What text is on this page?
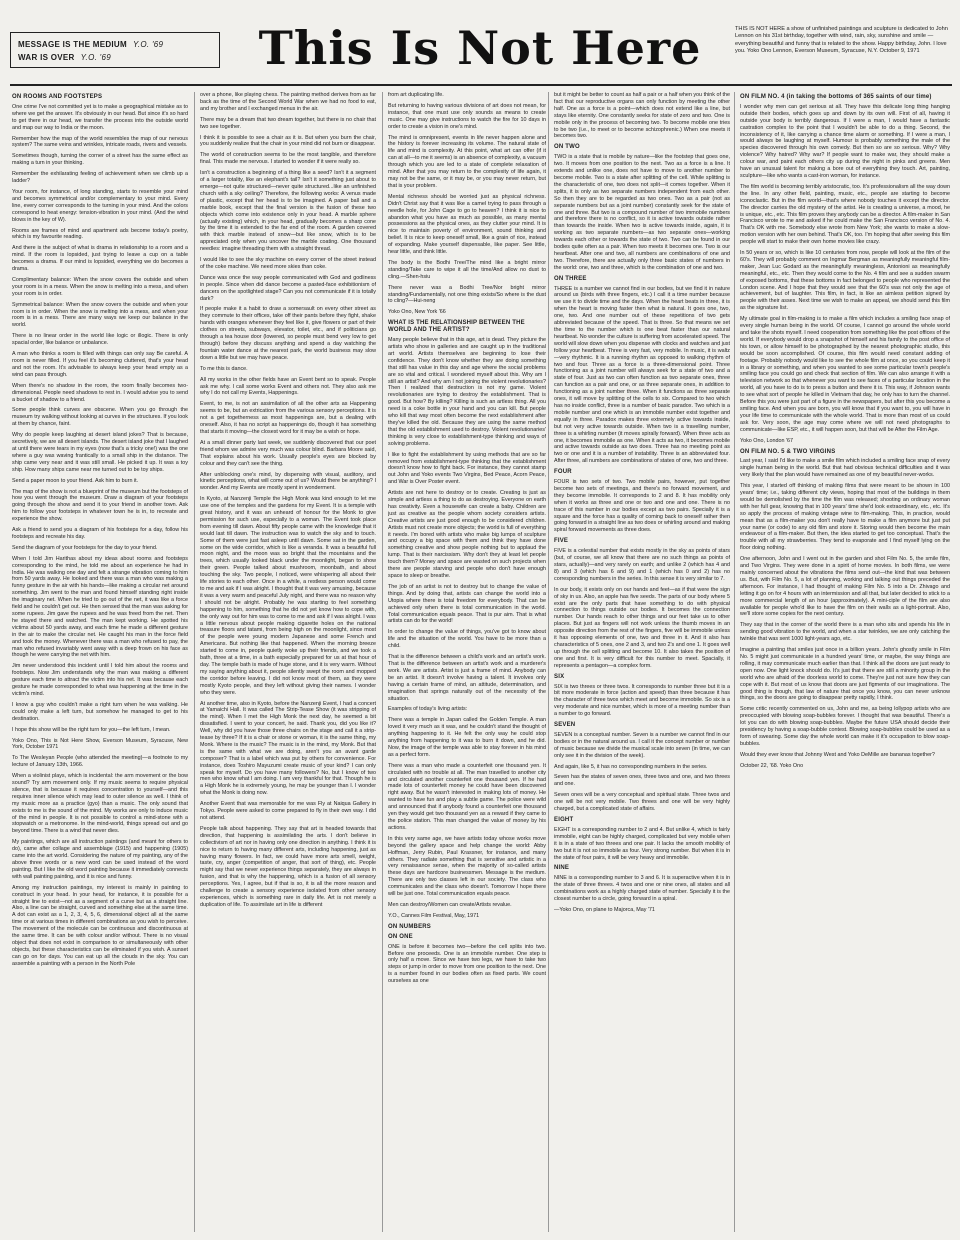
MESSAGE IS THE MEDIUM Y.O. '69
WAR IS OVER Y.O. '69	This Is Not Here	THIS IS NOT HERE a show of unfinished paintings and sculpture is dedicated to John Lennon on his 31st birthday, together with wind, rain, sky, sunshine and smile — everything beautiful and funny that is related to the show. Happy birthday, John. I love you. Yoko Ono Lennon, Everson Museum, Syracuse, N.Y. October 9, 1971
ON ROOMS AND FOOTSTEPS
One crime I've not committed yet is to make a geographical mistake as to where we get the answer. It's obviously in our head. But since it's so hard to get there in our head, we transfer the process into the outside world and map our way to India or the moon.
Remember how the map of the world resembles the map of our nervous system? The same veins and wrinkles, intricate roads, rivers and vessels.
Sometimes though, turning the corner of a street has the same effect as making a turn in your thinking.
Remember the exhilarating feeling of achievement when we climb up a ladder?
Your room, for instance, of long standing, starts to resemble your mind and becomes symmetrical and/or complementary to your mind. Every line, every corner corresponds to the turning in your mind. And the colors correspond to heat energy: tension-vibration in your mind. (And the wind blows in the key of W).
Rooms are frames of mind and apartment ads become today's poetry, which is my favourite reading.
And there is the subject of what is drama in relationship to a room and a mind. If the room is lopsided, just trying to leave a cup on a table becomes a drama. If our mind is lopsided, everything we do becomes a drama.
Complimentary balance: When the snow covers the outside and when your room is in a mess. When the snow is melting into a mess, and when your room is in order.
Symmetrical balance: When the snow covers the outside and when your room is in order. When the snow is melting into a mess, and when your room is in a mess. There are many ways we keep our balance in the world.
There is no linear order in the world like logic or illogic. There is only spacial order, like balance or unbalance.
A man who thinks a room is filled with things can only say Be careful. A room is never filled. If you feel it's becoming cluttered, that's your head and not the room. It's advisable to always keep your head empty as a wind can pass through.
When there's no shadow in the room, the room finally becomes two-dimensional. People need shadows to rest in. I would advise you to send a bucket of shadow to a friend.
Some people think curves are obscene. When you go through the museum try walking without looking at curves in the structures. If you look at them by chance, faint.
Why do people keep laughing at desert island jokes? That is because, secretively, we are all desert islands. The desert island joke that I laughed at until there were tears in my eyes (now that's a tricky one!) was the one where a guy was waving frantically to a small ship in the distance. The ship came very near and it was still small. He picked it up. It was a toy ship. How many ships came near me turned out to be toy ships.
Send a paper moon to your friend. Ask him to burn it.
The map of the show is not a blueprint of the museum but the footsteps of how you went through the museum. Draw a diagram of your footsteps going through the show and send it to your friend in another town. Ask him to follow your footsteps in whatever town he is in, to recreate and experience the show.
Ask a friend to send you a diagram of his footsteps for a day, follow his footsteps and recreate his day.
Send the diagram of your footsteps for the day to your friend.
When I told Jim Harithas about my ideas about rooms and footsteps corresponding to the mind, he told me about an experience he had in India. He was walking one day and felt a strange vibration coming to him from 50 yards away. He looked and there was a man who was making a funny gesture in the air with his hands—like making a circular net around something. Jim went to the man and found himself standing right inside the imaginary net. When he tried to go out of the net, it was like a force field and he couldn't get out. He then sensed that the man was asking for some rupees. Jim gave the rupees and he was freed from the net. Then he stayed there and watched. The man kept working. He spotted his victims about 50 yards away, and each time he made a different gesture in the air to make the circular net. He caught his man in the force field and took the money. Whenever there was a man who refused to pay, the man who refused invariably went away with a deep frown on his face as though he were carrying the net with him.
Jim never understood this incident until I told him about the rooms and footsteps. Now Jim understands why the man was making a different gesture each time to attract the victim into his net. It was because each gesture he made corresponded to what was happening at the time in the victim's mind.
I know a guy who couldn't make a right turn when he was walking. He could only make a left turn, but somehow he managed to get to his destination.
I hope this show will be the right turn for you—the left turn, I mean.
Yoko Ono, This is Not Here Show, Everson Museum, Syracuse, New York, October 1971
To The Wesleyan People (who attended the meeting)—a footnote to my lecture of January 13th, 1966.
When a violinist plays, which is incidental: the arm movement or the bow sound? Try arm movement only. If my music seems to require physical silence, that is because it requires concentration to yourself—and this requires inner silence which may lead to outer silence as well. I think of my music more as a practice (gyo) than a music. The only sound that exists to me is the sound of the mind. My works are only to induce music of the mind in people. It is not possible to control a mind-stone with a stopwatch or a metronome. In the mind-world, things spread out and go beyond time. There is a wind that never dies.
My paintings, which are all instruction paintings (and meant for others to do), came after collage and assemblage (1915) and happening (1905) came into the art world. Considering the nature of my painting, any of the above three words or a new word can be used instead of the word painting. But I like the old word painting because it immediately connects with wall painting painting, and it is nice and funny.
Among my instruction paintings, my interest is mainly in painting to construct in your head. In your head, for instance, it is possible for a straight line to exist—not as a segment of a curve but as a straight line. Also, a line can be straight, curved and something else at the same time. A dot can exist as a 1, 2, 3, 4, 5, 6, dimensional object all at the same time or at various times in different combinations as you wish to perceive. The movement of the molecule can be continuous and discontinuous at the same time. It can be with colour and/or without. There is no visual object that does not exist in comparison to or simultaneously with other objects, but these characteristics can be eliminated if you wish. A sunset can go on for days. You can eat up all the clouds in the sky. You can assemble a painting with a person in the North Pole
over a phone, like playing chess. The painting method derives from as far back as the time of the Second World War when we had no food to eat, and my brother and I exchanged menus in the air.
There may be a dream that two dream together, but there is no chair that two see together.
I think it is possible to see a chair as it is. But when you burn the chair, you suddenly realize that the chair in your mind did not burn or disappear.
The world of construction seems to be the most tangible, and therefore final. This made me nervous. I started to wonder if it were really so.
Isn't a construction a beginning of a thing like a seed? Isn't it a segment of a larger totality, like an elephant's tail? Isn't it something just about to emerge—not quite structured—never quite structured...like an unfinished church with a sky ceiling? Therefore, the following works: A venus made of plastic, except that her head is to be imagined. A paper ball and a marble book, except that the final version is the fusion of these two objects which come into existence only in your head. A marble sphere (actually existing) which, in your head, gradually becomes a sharp cone by the time it is extended to the far end of the room. A garden covered with thick marble instead of snow—but like snow, which is to be appreciated only when you uncover the marble coating. One thousand needles: imagine threading them with a straight thread.
I would like to see the sky machine on every corner of the street instead of the coke machine. We need more skies than coke.
Dance was once the way people communicated with God and godliness in people. Since when did dance become a pasted-face exhibitionism of dancers on the spotlighted stage? Can you not communicate if it is totally dark?
If people make it a habit to draw a somersault on every other street as they commute to their offices, take off their pants before they fight, shake hands with oranges whenever they feel like it, give flowers or part of their clothes on streets, subways, elevator, toilet, etc., and if politicians go through a tea house door (lowered, so people must bend very low to get through) before they discuss anything and spend a day watching the fountain water dance at the nearest park, the world business may slow down a little but we may have peace.
To me this is dance.
All my works in the other fields have an Event bent so to speak. People ask me why. I call some works Event and others not. They also ask me why I do not call my Events, Happenings.
Event, to me, is not an assimilation of all the other arts as Happening seems to be, but an extrication from the various sensory perceptions. It is not a get togetherness as most happenings are, but a dealing with oneself. Also, it has no script as happenings do, though it has something that starts it moving—the closest word for it may be a wish or hope.
At a small dinner party last week, we suddenly discovered that our poet friend whom we admire very much was colour blind. Barbara Moore said, That explains about his work. Usually people's eyes are blocked by colour and they can't see the thing.
After unblocking one's mind, by dispensing with visual, auditory, and kinetic perceptions, what will come out of us? Would there be anything? I wonder. And my Events are mostly spent in wonderment.
In Kyoto, at Nanzenji Temple the High Monk was kind enough to let me use one of the temples and the gardens for my Event. It is a temple with great history, and it was an unheard of honour for the Monk to give permission for such use, especially to a woman. The Event took place from evening till dawn. About fifty people came with the knowledge that it would last till dawn. The instruction was to watch the sky and to touch. Some of them were just fast asleep until dawn. Some sat in the garden, some on the wide corridor, which is like a veranda. It was a beautiful full moon night, and the moon was so bright that the mountains and the trees, which usually looked black under the moonlight, began to show their green. People talked about mushroom, moonbath, and about touching the sky. Two people, I noticed, were whispering all about their life stories to each other. Once in a while, a restless person would come to me and ask if I was alright. I thought that it was very amusing, because it was a very warm and peaceful July night, and there was no reason why I should not be alright. Probably he was starting to feel something happening to him, something that he did not yet know how to cope with, the only way out for him was to come to me and ask if I was alright. I was a little nervous about people making cigarette holes on the national treasure floors and tatami, from being high on the moonlight, since most of the people were young modern Japanese and some French and Americans. But nothing like that happened. When the morning breeze started to come in, people quietly woke up their friends, and we took a bath, three at a time, in a bath especially prepared for us at that hour of day. The temple bath is made of huge stone, and it is very warm. Without my saying anything about it, people silently swept the room and mopped the corridor before leaving. I did not know most of them, as they were mostly Kyoto people, and they left without giving their names. I wonder who they were.
At another time, also in Kyoto, before the Nanzenji Event, I had a concert at Yamaichi Hall. It was called The Strip-Tease Show (it was stripping of the mind). When I met the High Monk the next day, he seemed a bit dissatisfied. I went to your concert, he said. Thank you, did you like it? Well, why did you have those three chairs on the stage and call it a strip-tease by three? If it is a chair or stone or woman, it is the same thing, my Monk. Where is the music? The music is in the mind, my Monk. But that is the same with what we are doing, aren't you an avant garde composer? That is a label which was put by others for convenience. For instance, does Toshiro Mayuzumi create music of your kind? I can only speak for myself. Do you have many followers? No, but I know of two men who know what I am doing. I am very thankful for that. Though he is a High Monk he is extremely young, he may be younger than I. I wonder what the Monk is doing now.
Another Event that was memorable for me was Fly at Naiqua Gallery in Tokyo. People were asked to come prepared to fly in their own way. I did not attend.
People talk about happening. They say that art is headed towards that direction, that happening is assimilating the arts. I don't believe in collectivism of art nor in having only one direction in anything. I think it is nice to return to having many different arts, including happening, just as having many flowers. In fact, we could have more arts smell, weight, taste, cry, anger (competition of anger, that sort of thing), etc. People might say that we never experience things separately, they are always in fusion, and that is why the happening, which is a fusion of all sensory perceptions. Yes, I agree, but if that is so, it is all the more reason and challenge to create a sensory experience isolated from other sensory experiences, which is something rare in daily life. Art is not merely a duplication of life. To assimilate art in life is different
from art duplicating life.
But returning to having various divisions of art does not mean, for instance, that one must use only sounds as means to create music. One may give instructions to watch the fire for 10 days in order to create a vision in one's mind.
The mind is omnipresent, events in life never happen alone and the history is forever increasing its volume. The natural state of life and mind is complexity. At this point, what art can offer (if it can at all—to me it seems) is an absence of complexity, a vacuum through which you are led to a state of complete relaxation of mind. After that you may return to the complexity of life again, it may not be the same, or it may be, or you may never return, but that is your problem.
Mental richness should be worried just as physical richness. Didn't Christ say that it was like a camel trying to pass through a needle hole, for John Cage to go to heaven? I think it is nice to abandon what you have as much as possible, as many mental possessions as the physical ones, as they clutter your mind. It is nice to maintain poverty of environment, sound thinking and belief. It is nice to keep oneself small, like a grain of rice, instead of expanding. Make yourself dispensable, like paper. See little, hear little, and think little.
The body is the Bodhi Tree/The mind like a bright mirror standing/Take care to wipe it all the time/And allow no dust to cling.—Shen-hsiu
There never was a Bodhi Tree/Nor bright mirror standing/Fundamentally, not one thing exists/So where is the dust to cling?—Hui-neng
Yoko Ono, New York '66
WHAT IS THE RELATIONSHIP BETWEEN THE WORLD AND THE ARTIST?
Many people believe that in this age, art is dead. They picture the artists who show in galleries and are caught up in the traditional art world. Artists themselves are beginning to lose their confidence. They don't know whether they are doing something that still has value in this day and age where the social problems are so vital and critical. I wondered myself about this. Why am I still an artist? And why am I not joining the violent revolutionaries? Then I realized that destruction is not my game. Violent revolutionaries are trying to destroy the establishment. That is good. But how? By killing? Killing is such an artless thing. All you need is a coke bottle in your hand and you can kill. But people who kill that way most often become the next establishment after they've killed the old. Because they are using the same method that the old establishment used to destroy. Violent revolutionaries' thinking is very close to establishment-type thinking and ways of solving problems.
I like to fight the establishment by using methods that are so far removed from establishment-type thinking that the establishment doesn't know how to fight back. For instance, they cannot stamp out John and Yoko events Two Virgins, Bed Peace, Acorn Peace, and War is Over Poster event.
Artists are not here to destroy or to create. Creating is just as simple and artless a thing to do as destroying. Everyone on earth has creativity. Even a housewife can create a baby. Children are just as creative as the people whom society considers artists. Creative artists are just good enough to be considered children. Artists must not create more objects; the world is full of everything it needs. I'm bored with artists who make big lumps of sculpture and occupy a big space with them and think they have done something creative and show people nothing but to applaud the lump. That is their narcissism. Why don't they at least let people touch them? Money and space are wasted on such projects when there are people starving and people who don't have enough space to sleep or breathe.
The job of an artist is not to destroy but to change the value of things. And by doing that, artists can change the world into a Utopia where there is total freedom for everybody. That can be achieved only when there is total communication in the world. Total communication equals peace. That is pur aim. That is what artists can do for the world!
In order to change the value of things, you've got to know about life and the situation of the world. You have to be more than a child.
That is the difference between a child's work and an artist's work. That is the difference between an artist's work and a murderer's work. We are artists. Artist is just a frame of mind. Anybody can be an artist. It doesn't involve having a talent. It involves only having a certain frame of mind, an attitude, determination, and imagination that springs naturally out of the necessity of the situation.
Examples of today's living artists:
There was a temple in Japan called the Golden Temple. A man loved it very much as it was, and he couldn't stand the thought of anything happening to it. He felt the only way he could stop anything from happening to it was to burn it down, and he did. Now, the image of the temple was able to stay forever in his mind as a perfect form.
There was a man who made a counterfeit one thousand yen. It circulated with no trouble at all. The man travelled to another city and circulated another counterfeit one thousand yen. If he had made lots of counterfeit money he could have been discovered right away. But he wasn't interested in making lots of money. He wanted to have fun and play a subtle game. The police were wild and announced that if anybody found a counterfeit one thousand yen they would get two thousand yen as a reward if they came to the police station. This man changed the value of money by his actions.
In this very same age, we have artists today whose works move beyond the gallery space and help change the world: Abby Hoffman, Jerry Rubin, Paul Krassner, for instance, and many others. They radiate something that is sensitive and artistic in a very renaissance sense, when the majority of so-called artists these days are hardcore businessmen. Message is the medium. There are only two classes left in our society. The class who communicates and the class who doesn't. Tomorrow I hope there will be just one. Total communication equals peace.
Men can destroy/Women can create/Artists revalue.
Y.O., Cannes Film Festival, May, 1971
ON NUMBERS
ON ONE
ONE is before it becomes two—before the cell splits into two. Before one proceeds. One is an immobile number. One step is only half a move. Since we have two legs, we have to take two steps or jump in order to move from one position to the next. One is a number found in our bodies often as fixed parts. We count ourselves as one
but it might be better to count as half a pair or a half when you think of the fact that our reproductive organs can only function by meeting the other half. One as a force is a point—which does not extend like a line, but stays like eternity. One constantly seeks for state of zero and two. One is mobile only in the process of becoming two. To become mobile one tries to be two (i.e., to meet or to become schizophrenic.) When one meets it becomes two.
ON TWO
TWO is a state that is mobile by nature—like the footstep that goes one, two. It moves from one position to the next. Two as a force is a line. It extends and unlike one, does not have to move to another number to become mobile. Two is a state after splitting of the cell. While splitting is the characteristic of one, two does not split—it comes together. When it splits, it is only as two separate numbers independent from each other. So then they are to be regarded as two ones. Two as a pair (not as separate numbers but as a joint number) constantly seek for the state of one and three. But two is a compound number of two immobile numbers and therefore there is no conflict, so it is active towards outside rather than towards the inside. When two is active towards inside, again, it is working as two separate numbers—as two separate ones—working towards each other or towards the state of two. Two can be found in our bodies quite often as a pair. When two meets it becomes one. Two is our heartbeat. After one and two, all numbers are combinations of one and two. Therefore, there are actually only three basic states of numbers in the world: one, two and three, which is the combination of one and two.
ON THREE
THREE is a number we cannot find in our bodies, but we find it in nature around us (birds with three fingers, etc.) I call it a time number because we use it to divide time and the days. When the heart beats in three, it is when the heart is moving faster then what is natural. It goes one, two, one, two. And one number out of these repetitions of two gets abbreviated because of the speed. That is three. So that means we set the time to the number which is one beat faster than our natural heartbeat. No wonder the culture is suffering from accelerated speed. The world will slow down when you dispense with clocks and watches and just follow your heartbeat. Three is very fast, very mobile. In music, it is waltz—very rhythmic. It is a running rhythm as opposed to walking rhythm of two and four. Three as a force is a three-dimensional point. Three functioning as a joint number will always seek for a state of two and a state of four. Just as two can often function as two separate ones, three can function as a pair and one, or as three separate ones, in addition to functioning as a joint number three. When it functions as three separate ones, it will move by splitting of the cells to six. Compared to two which has no inside conflict, three is a number of basic paradox. Two which is a mobile number and one which is an immobile number exist together and equally in three. Paradox makes three extremely active towards inside, but not very active towards outside. When two is a travelling number, three is a whirling number (it moves spirally forward). When three acts as one, it becomes immobile as one. When it acts as two, it becomes mobile and active towards outside as two does. Three has no meeting point as two or one and it is a number of instability. Three is an abbreviated four. After three, all numbers are combinations of states of one, two and three.
FOUR
FOUR is two sets of two. Two mobile pairs, however, put together become two sets of meetings, and there's no forward movement, and they become immobile. It corresponds to 2 and 8. It has mobility only when it works as three and one or two and one and one. There is no trace of this number in our bodies except as two pairs. Specially it is a square and the force has a quality of coming back to oneself rather then going forward in a straight line as two does or whirling around and making spiral forward movements as three does.
FIVE
FIVE is a celestial number that exists mostly in the sky as points of stars (but, of course, we all know that there are no such things as points of stars, actually)—and very rarely on earth; and unlike 2 (which has 4 and 8) and 3 (which has 6 and 9) and 1 (which has 0 and 2) has no corresponding numbers in the series. In this sense it is very similar to 7.
In our body, it exists only on our hands and feet—as if that were the sign of sky in us. Also, an apple has five seeds. The parts of our body where 5 exist are the only parts that have something to do with physical connection to things outside our bodies. It becomes the connection number. Our hands reach to other things and our feet take us to other places. But just as fingers will not work unless the thumb moves in an opposite direction from the rest of the fingers, five will be immobile unless it has opposing elements of one, two and three in it. And it also has characteristics of 5 ones, one 2 and 3, and two 2's and one 1. It goes well up through the cell splitting and become 10. It also takes the position of one and first. It is very difficult for this number to meet. Spacially, it represents a pentagon—a complex form.
SIX
SIX is two threes or three twos. It corresponds to number three but it is a bit more moderate in force (action and speed) than three because it has the character of three twos which meet and become immobile. So six is a very moderate and nice number, which is more of a meeting number than a number to go forward.
SEVEN
SEVEN is a conceptual number. Seven is a number we cannot find in our bodies or in the natural around us. I call it the concept number or number of music because we divide the musical scale into seven (in time, we can only see it in the division of the week).
And again, like 5, it has no corresponding numbers in the series.
Seven has the states of seven ones, three twos and one, and two threes and one.
Seven ones will be a very conceptual and spiritual state. Three twos and one will be not very mobile. Two threes and one will be very highly charged, but a complicated state of affairs.
EIGHT
EIGHT is a corresponding number to 2 and 4. But unlike 4, which is fairly immobile, eight can be highly charged, complicated but very mobile when it is in a state of two threes and one pair. It lacks the smooth mobility of two but it is not so immobile as four. Very strong number. But when it is in the state of four pairs, it will be very heavy and immobile.
NINE
NINE is a corresponding number to 3 and 6. It is superactive when it is in the state of three threes. 4 twos and one or nine ones, all states and all combinations work as a highly charged state of number. Specially it is the closest number to a circle, going forward in a spiral.
—Yoko Ono, on plane to Majorca, May '71
ON FILM NO. 4 (in taking the bottoms of 365 saints of our time)
I wonder why men can get serious at all. They have this delicate long thing hanging outside their bodies, which goes up and down by its own will. First of all, having it outside your body is terribly dangerous. If I were a man, I would have a fantastic castration complex to the point that I wouldn't be able to do a thing. Second, the inconsistency of it, like carrying a chance time alarm or something. If I were a man, I would always be laughing at myself. Humour is probably something the male of the species discovered through his own comedy. But then so are so serious. Why? Why violence? Why hatred? Why war? If people want to make war, they should make a colour war, and paint each others city up during the night in pinks and greens. Men have an unusual talent for making a bore out of everything they touch. Art, painting, sculpture—like who wants a cast-iron woman, for instance.
The film world is becoming terribly aristocratic, too. It's professionalism all the way down the line. In any other field, painting, music, etc., people are starting to become iconoclastic. But in the film world—that's where nobody touches it except the director. The director carries the old mystery of the artist. He is creating a universe, a mood, he is unique, etc., etc. This film proves they anybody can be a director. A film-maker in San Francisco wrote to me and asked if he could make the San Francisco version of No. 4. That's OK with me. Somebody else wrote from New York; she wants to make a slow-motion version with her own behind. That's OK, too. I'm hoping that after seeing this film people will start to make their own home movies like crazy.
In 50 years or so, which is like 10 centuries from now, people will look at the film of the 60's. They will probably comment on Ingmar Bergman as meaningfully meaningful film-maker, Jean Luc Godard as the meaningfully meaningless, Antonioni as meaningfully meaningful, etc., etc. Then they would come to the No. 4 film and see a sudden swarm of exposed bottoms, that these bottoms in fact belonged to people who represented the London scene. And I hope that they would see that the 60's was not only the age of achievement, but of laughter. This film, in fact, is like an aimless petition signed by people with their asses. Next time we wish to make an appeal, we should send this film as the signature list.
My ultimate goal in film-making is to make a film which includes a smiling face snap of every single human being in the world. Of course, I cannot go around the whole world and take the shots myself. I need cooperation from something like the post offices of the world. If everybody would drop a snapshot of himself and his family to the post office of his town, or allow himself to be photographed by the nearest photographic studio, this would be soon accomplished. Of course, this film would need constant adding of footage. Probably nobody would like to see the whole film at once, so you could keep it in a library or something, and when you wanted to see some particular town's people's smiling face you could go and check that section of film. We can also arrange it with a television network so that whenever you want to see faces of a particular location in the world, all you have to do is to press a button and there it is. This way, if Johnson wants to see what sort of people he killed in Vietnam that day, he only has to turn the channel. Before this you were just part of a figure in the newspapers, but after this you become a smiling face. And when you are born, you will know that if you want to, you will have in your life time to communicate with the whole world. That is more than most of us could ask for. Very soon, the age may come where we will not need photographs to communicate—like ESP, etc., it will happen soon, but that will be After the Film Age.
Yoko Ono, London '67
ON FILM NO. 5 & TWO VIRGINS
Last year, I said I'd like to make a smile film which included a smiling face snap of every single human being in the world. But that had obvious technical difficulties and it was very likely that the plan would have remained as one of my beautiful never-works.
This year, I started off thinking of making films that were meant to be shown in 100 years' time; i.e., taking different city views, hoping that most of the buildings in them would be demolished by the time the film was released; shooting an ordinary woman with her full gear, knowing that in 100 years' time she'd look extraordinary, etc., etc. It's so apply the process of making vintage wine to film-making. This, in practice, would mean that as a film-maker you don't really have to make a film anymore but just put your name (or code) to any old film and store it. Storing would then become the main endeavour of a film-maker. But then, the idea started to get too conceptual. That's the trouble with all my strawberries. They tend to evaporate and I find myself lying on the floor doing nothing.
One afternoon, John and I went out in the garden and shot Film No. 5, the smile film, and Two Virgins. They were done in a spirit of home movies. In both films, we were mainly concerned about the vibrations the films send out—the kind that was between us. But, with Film No. 5, a lot of planning, working and talking out things preceded the afternoon. For instance, I had thought of making Film No. 5 into a Dr. Zhivago and letting it go on for 4 hours with an intermission and all that, but later decided to stick to a more commercial length of an hour (approximately). A mini-ciple of the film are also available for people who'd like to have the film on their walls as a light-portrait. Also, we'll store some copies for the next century.
They say that in the corner of the world there is a man who sits and spends his life in sending good vibration to the world, and when a star twinkles, we are only catching the twinkle that was sent 1000 light-years ago, etc.
Imagine a painting that smiles just once in a billion years. John's ghostly smile in Film No. 5 might just communicate in a hundred years' time, or maybe, the way things are rolling, it may communicate much earlier than that. I think all the doors are just ready to open now. One light knock should do. It's just that there are still a minority group in the world who are afraid of the doorless world to come. They're just not sure how they can cope with it. But most of us know that doors are just figments of our imaginations. The good thing is though, that law of nature that once you know, you can never unknow things, so the doors are going to disappear pretty rapidly, I think.
Some critic recently commented on us, John and me, as being lollypop artists who are preoccupied with blowing soap-bubbles forever. I thought that was beautiful. There's a lot you can do with blowing soap-bubbles. Maybe the future USA should decide their presidency by having a soap-bubble contest. Blowing soap-bubbles could be used as a form of swearing. Some day the whole world can make it it's occupation to blow soap-bubbles.
Would they ever know that Johnny West and Yoko DeMille are bananas together?
October 22, '68. Yoko Ono
